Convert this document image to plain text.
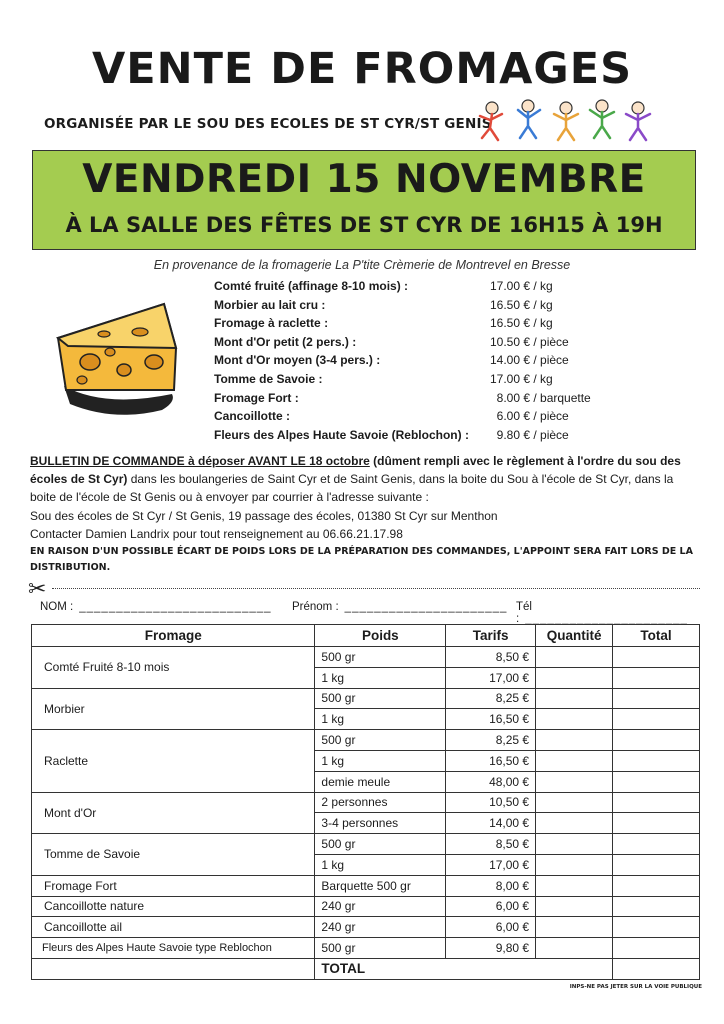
VENTE DE FROMAGES
ORGANISÉE PAR LE SOU DES ECOLES DE ST CYR/ST GENIS
VENDREDI 15 NOVEMBRE
À LA SALLE DES FÊTES DE ST CYR DE 16H15 À 19H
En provenance de la fromagerie La P'tite Crèmerie de Montrevel en Bresse
Comté fruité (affinage 8-10 mois) :	17.00 € / kg
Morbier au lait cru :	16.50 € / kg
Fromage à raclette :	16.50 € / kg
Mont d'Or petit (2 pers.) :	10.50 € / pièce
Mont d'Or moyen (3-4 pers.) :	14.00 € / pièce
Tomme de Savoie :	17.00 € / kg
Fromage Fort :	8.00 € / barquette
Cancoillotte :	6.00 € / pièce
Fleurs des Alpes Haute Savoie (Reblochon) :	9.80 € / pièce
BULLETIN DE COMMANDE à déposer AVANT LE 18 octobre (dûment rempli avec le règlement à l'ordre du sou des écoles de St Cyr) dans les boulangeries de Saint Cyr et de Saint Genis, dans la boite du Sou à l'école de St Cyr, dans la boite de l'école de St Genis ou à envoyer par courrier à l'adresse suivante :
Sou des écoles de St Cyr / St Genis, 19 passage des écoles, 01380 St Cyr sur Menthon
Contacter Damien Landrix pour tout renseignement au 06.66.21.17.98
EN RAISON D'UN POSSIBLE ÉCART DE POIDS LORS DE LA PRÉPARATION DES COMMANDES, L'APPOINT SERA FAIT LORS DE LA DISTRIBUTION.
✂
NOM : __________________________ Prénom : ______________________ Tél : ______________________
Fromage	Poids	Tarifs	Quantité	Total
Comté Fruité 8-10 mois	500 gr	8,50 €		
	1 kg	17,00 €		
Morbier	500 gr	8,25 €		
	1 kg	16,50 €		
Raclette	500 gr	8,25 €		
	1 kg	16,50 €		
	demie meule	48,00 €		
Mont d'Or	2 personnes	10,50 €		
	3-4 personnes	14,00 €		
Tomme de Savoie	500 gr	8,50 €		
	1 kg	17,00 €		
Fromage Fort	Barquette 500 gr	8,00 €		
Cancoillotte nature	240 gr	6,00 €		
Cancoillotte ail	240 gr	6,00 €		
Fleurs des Alpes Haute Savoie type Reblochon	500 gr	9,80 €		
	TOTAL			
INPS-NE PAS JETER SUR LA VOIE PUBLIQUE
